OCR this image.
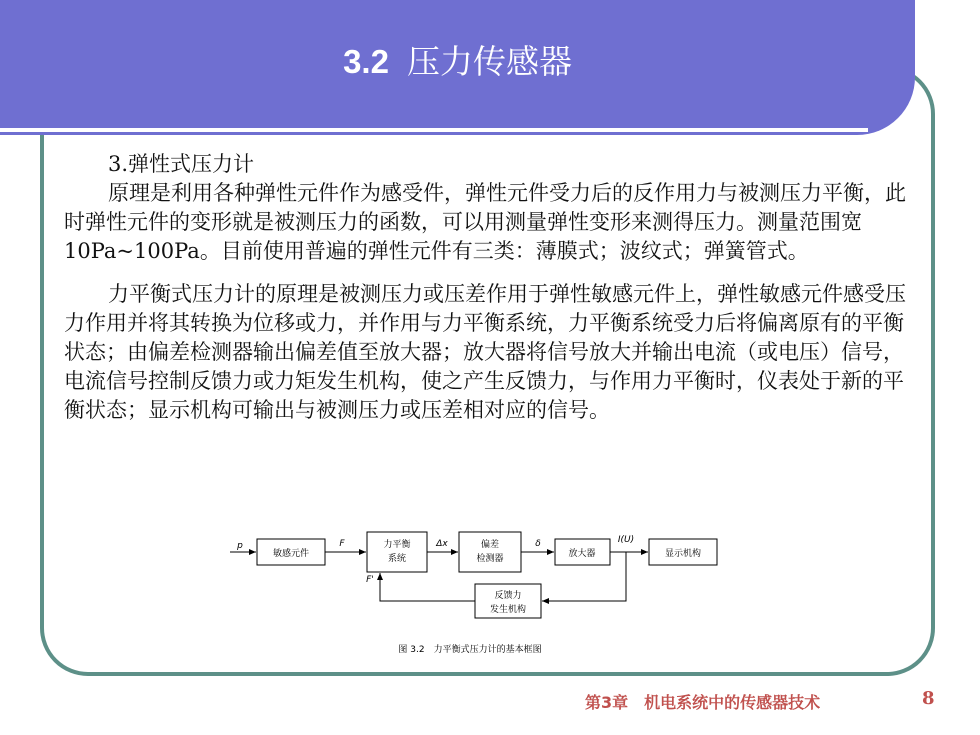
3.2 压力传感器

3.弹性式压力计

原理是利用各种弹性元件作为感受件，弹性元件受力后的反作用力与被测压力平衡，此时弹性元件的变形就是被测压力的函数，可以用测量弹性变形来测得压力。测量范围宽10Pa~100Pa。目前使用普遍的弹性元件有三类：薄膜式；波纹式；弹簧管式。

力平衡式压力计的原理是被测压力或压差作用于弹性敏感元件上，弹性敏感元件感受压力作用并将其转换为位移或力，并作用与力平衡系统，力平衡系统受力后将偏离原有的平衡状态；由偏差检测器输出偏差值至放大器；放大器将信号放大并输出电流（或电压）信号，电流信号控制反馈力或力矩发生机构，使之产生反馈力，与作用力平衡时，仪表处于新的平衡状态；显示机构可输出与被测压力或压差相对应的信号。

p
敏感元件
F	力平衡
系统
Δx	偏差
检测器
δ
放大器
I(U)
显示机构
反馈力
发生机构
F'
图 3.2　力平衡式压力计的基本框图
第3章　机电系统中的传感器技术	8
